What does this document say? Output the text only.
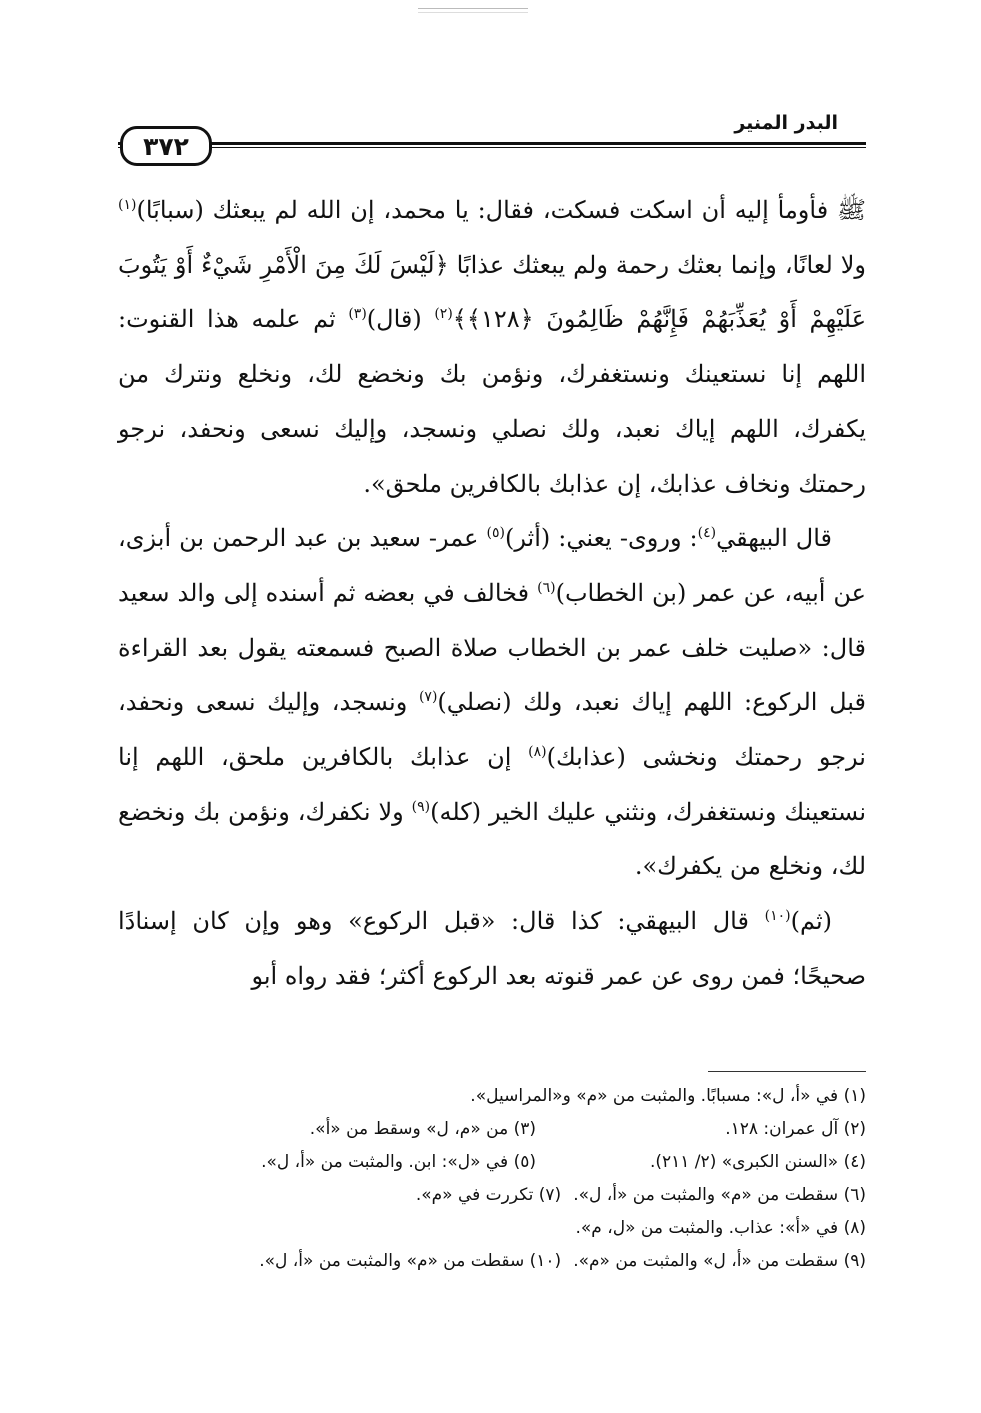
٣٧٢
البدر المنير

ﷺ فأومأ إليه أن اسكت فسكت، فقال: يا محمد، إن الله لم يبعثك (سبابًا)$^{(١)}$ ولا لعانًا، وإنما بعثك رحمة ولم يبعثك عذابًا ﴿لَيْسَ لَكَ مِنَ الْأَمْرِ شَيْءٌ أَوْ يَتُوبَ عَلَيْهِمْ أَوْ يُعَذِّبَهُمْ فَإِنَّهُمْ ظَالِمُونَ ﴿١٢٨﴾﴾$^{(٢)}$ (قال)$^{(٣)}$ ثم علمه هذا القنوت: اللهم إنا نستعينك ونستغفرك، ونؤمن بك ونخضع لك، ونخلع ونترك من يكفرك، اللهم إياك نعبد، ولك نصلي ونسجد، وإليك نسعى ونحفد، نرجو رحمتك ونخاف عذابك، إن عذابك بالكافرين ملحق».

قال البيهقي$^{(٤)}$: وروى- يعني: (أثر)$^{(٥)}$ عمر- سعيد بن عبد الرحمن بن أبزى، عن أبيه، عن عمر (بن الخطاب)$^{(٦)}$ فخالف في بعضه ثم أسنده إلى والد سعيد قال: «صليت خلف عمر بن الخطاب صلاة الصبح فسمعته يقول بعد القراءة قبل الركوع: اللهم إياك نعبد، ولك (نصلي)$^{(٧)}$ ونسجد، وإليك نسعى ونحفد، نرجو رحمتك ونخشى (عذابك)$^{(٨)}$ إن عذابك بالكافرين ملحق، اللهم إنا نستعينك ونستغفرك، ونثني عليك الخير (كله)$^{(٩)}$ ولا نكفرك، ونؤمن بك ونخضع لك، ونخلع من يكفرك».

(ثم)$^{(١٠)}$ قال البيهقي: كذا قال: «قبل الركوع» وهو وإن كان إسنادًا صحيحًا؛ فمن روى عن عمر قنوته بعد الركوع أكثر؛ فقد رواه أبو

(١) في «أ، ل»: مسبابًا. والمثبت من «م» و«المراسيل».
(٢) آل عمران: ١٢٨.
(٣) من «م، ل» وسقط من «أ».
(٤) «السنن الكبرى» (٢/ ٢١١).
(٥) في «ل»: ابن. والمثبت من «أ، ل».
(٦) سقطت من «م» والمثبت من «أ، ل».
(٧) تكررت في «م».
(٨) في «أ»: عذاب. والمثبت من «ل، م».
(٩) سقطت من «أ، ل» والمثبت من «م».
(١٠) سقطت من «م» والمثبت من «أ، ل».
